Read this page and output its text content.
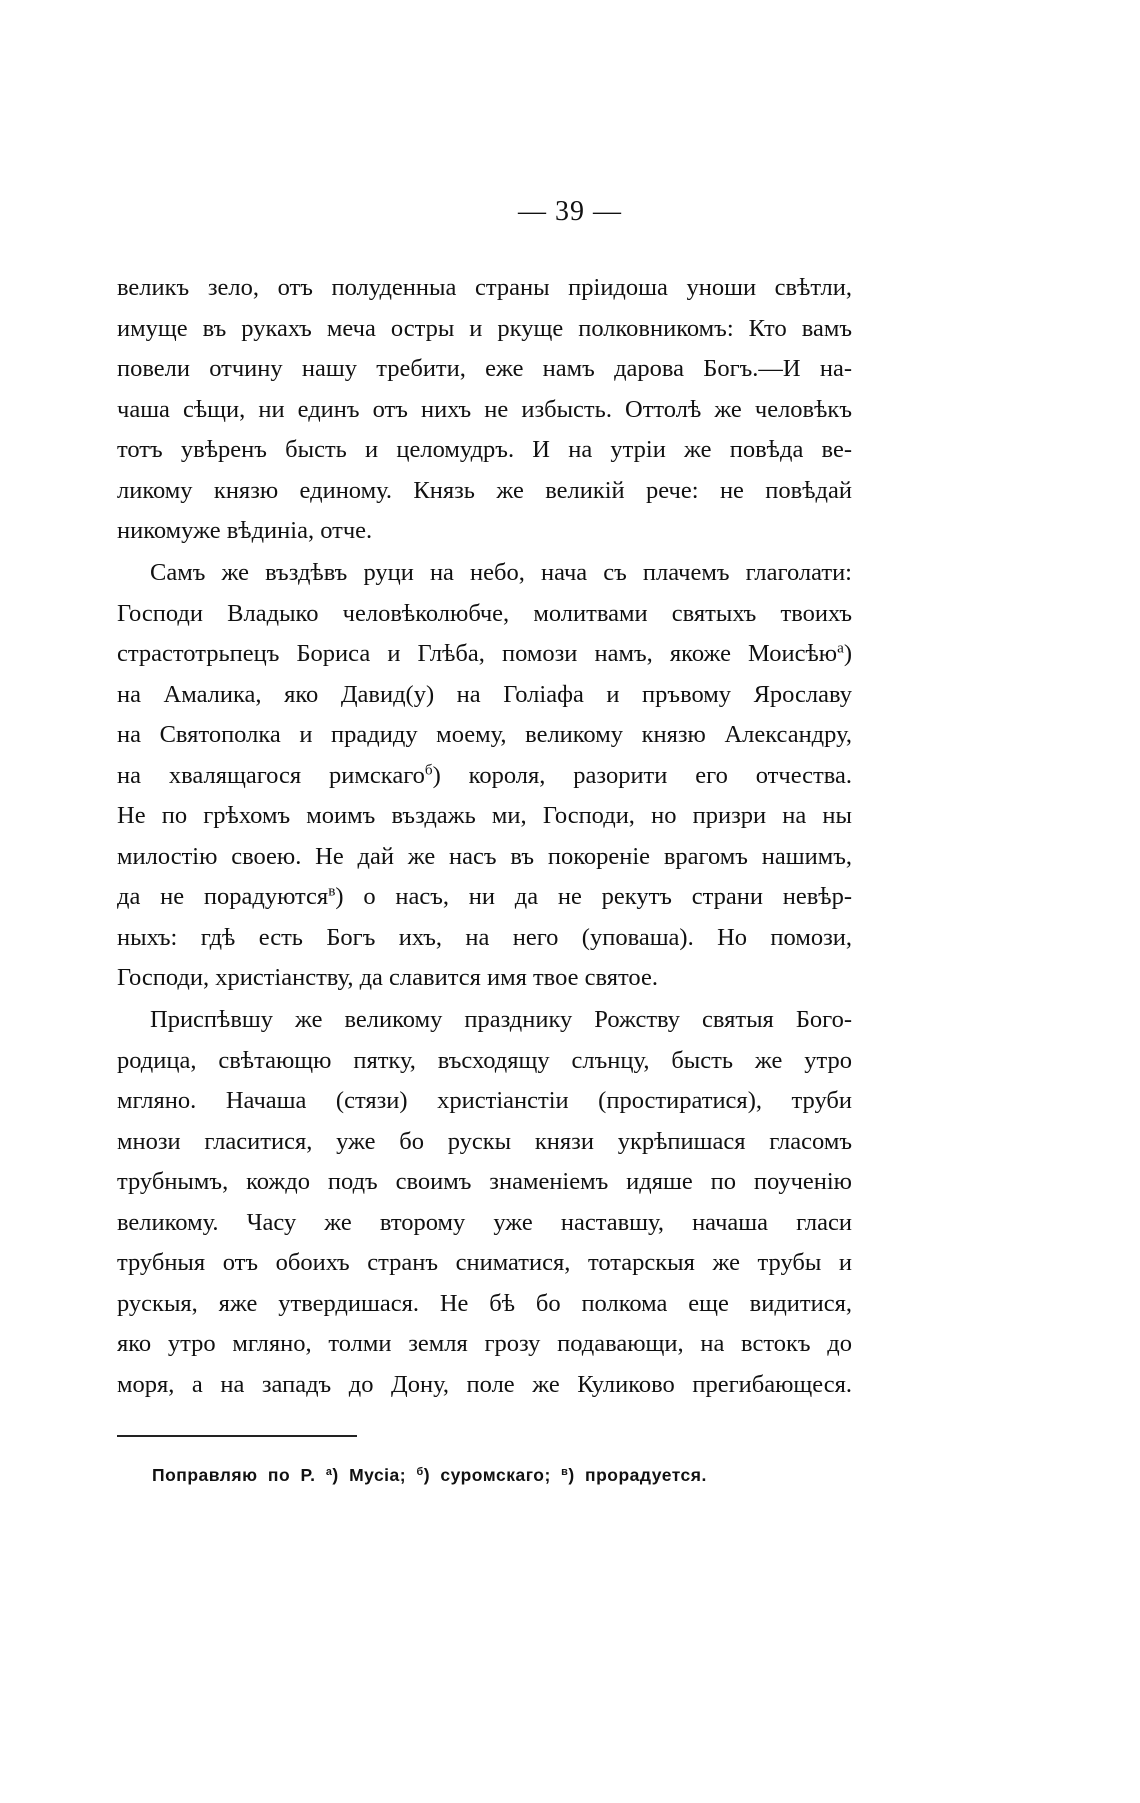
— 39 —
великъ зело, отъ полуденныа страны пріидоша уноши свѣтли,
имуще въ рукахъ меча остры и ркуще полковникомъ: Кто вамъ
повели отчину нашу требити, еже намъ дарова Богъ.—И на-
чаша сѣщи, ни единъ отъ нихъ не избысть. Оттолѣ же человѣкъ
тотъ увѣренъ бысть и целомудръ. И на утріи же повѣда ве-
ликому князю единому. Князь же великій рече: не повѣдай
никомуже вѣдиніа, отче.
Самъ же въздѣвъ руци на небо, нача съ плачемъ глаголати:
Господи Владыко человѣколюбче, молитвами святыхъ твоихъ
страстотрьпецъ Бориса и Глѣба, помози намъ, якоже Моисѣю$^а$)
на Амалика, яко Давид(у) на Голіафа и пръвому Ярославу
на Святополка и прадиду моему, великому князю Александру,
на хвалящагося римскаго$^б$) короля, разорити его отчества.
Не по грѣхомъ моимъ въздажь ми, Господи, но призри на ны
милостію своею. Не дай же насъ въ покореніе врагомъ нашимъ,
да не порадуются$^в$) о насъ, ни да не рекутъ страни невѣр-
ныхъ: гдѣ есть Богъ ихъ, на него (уповаша). Но помози,
Господи, христіанству, да славится имя твое святое.
Приспѣвшу же великому празднику Рожству святыя Бого-
родица, свѣтающю пятку, въсходящу слънцу, бысть же утро
мгляно. Начаша (стязи) христіанстіи (простиратися), труби
мнози гласитися, уже бо рускы князи укрѣпишася гласомъ
трубнымъ, кождо подъ своимъ знаменіемъ идяше по поученію
великому. Часу же второму уже наставшу, начаша гласи
трубныя отъ обоихъ странъ сниматися, тотарскыя же трубы и
рускыя, яже утвердишася. Не бѣ бо полкома еще видитися,
яко утро мгляно, толми земля грозу подавающи, на встокъ до
моря, а на западъ до Дону, поле же Куликово прегибающеся.
Поправляю по Р. $^а$) Мусіа; $^б$) суромскаго; $^в$) прорадуется.
